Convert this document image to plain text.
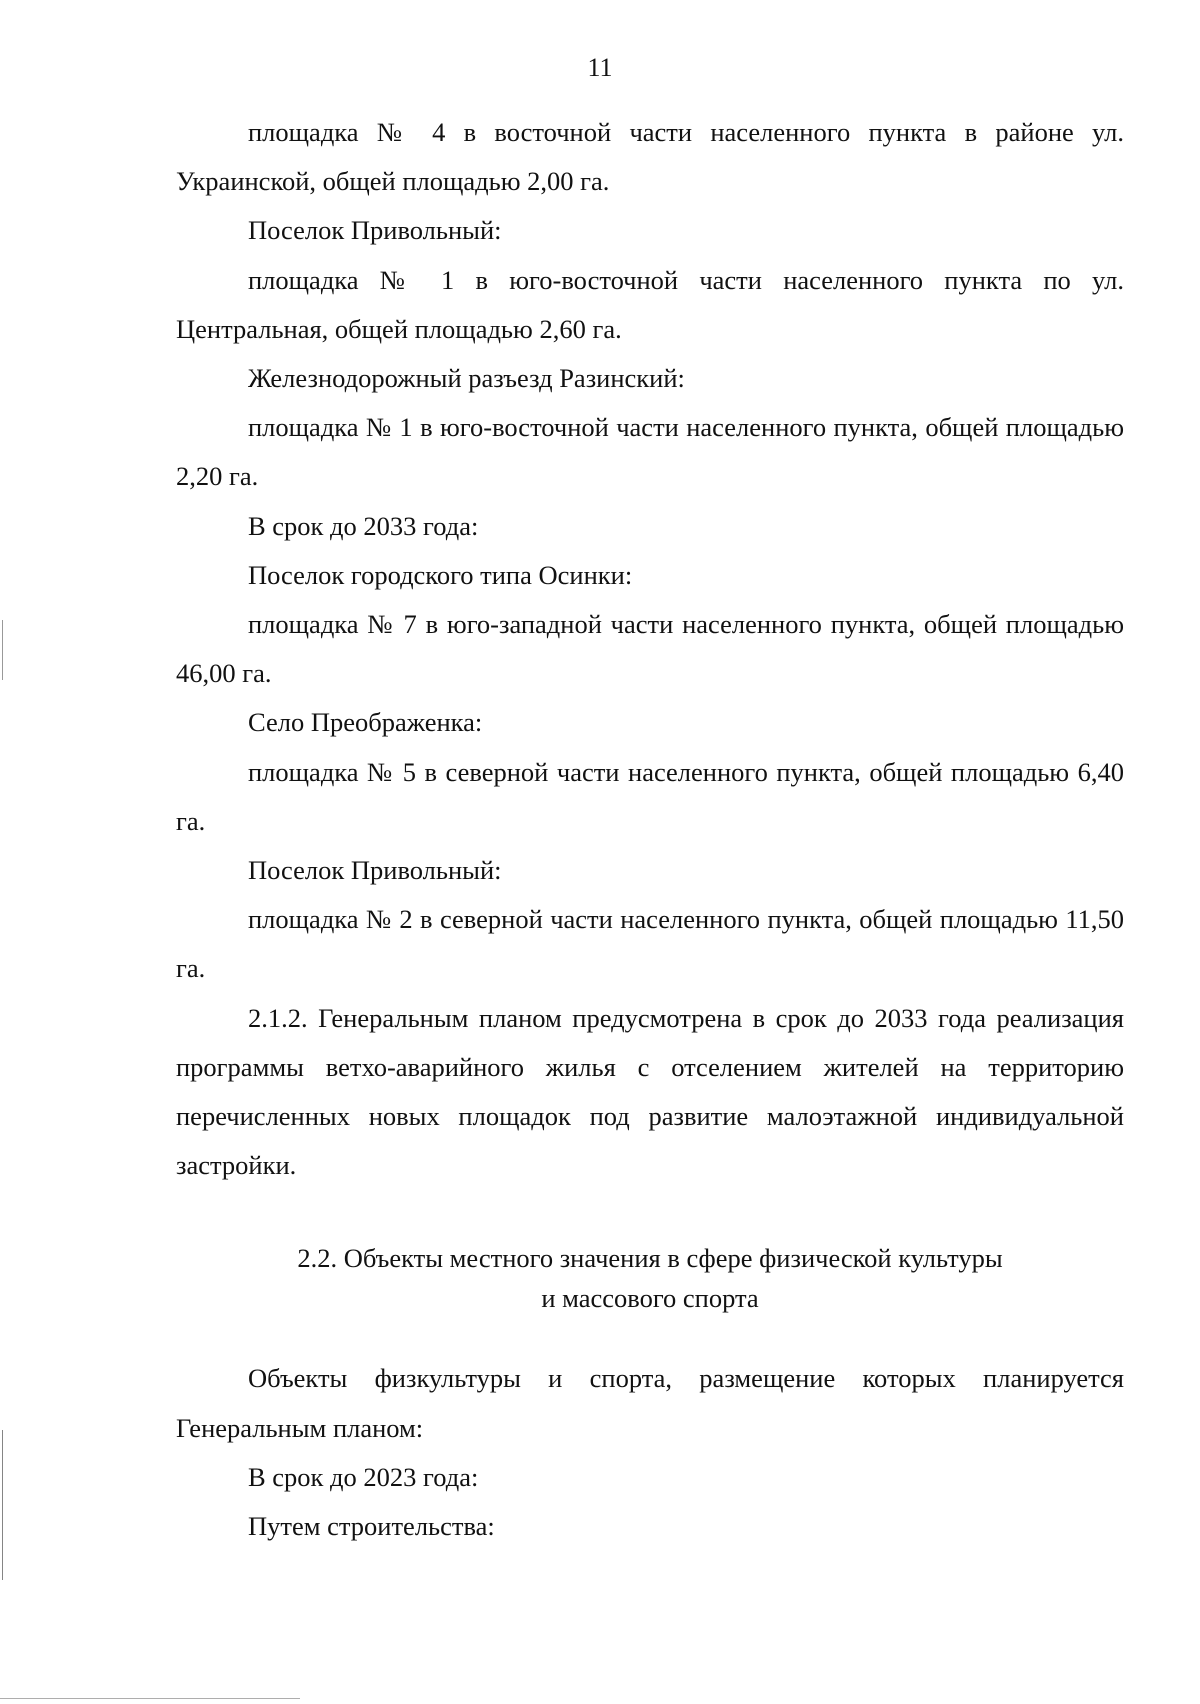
11

площадка № 4 в восточной части населенного пункта в районе ул. Украинской, общей площадью 2,00 га.

Поселок Привольный:

площадка № 1 в юго-восточной части населенного пункта по ул. Центральная, общей площадью 2,60 га.

Железнодорожный разъезд Разинский:

площадка № 1 в юго-восточной части населенного пункта, общей площадью 2,20 га.

В срок до 2033 года:

Поселок городского типа Осинки:

площадка № 7 в юго-западной части населенного пункта, общей площадью 46,00 га.

Село Преображенка:

площадка № 5 в северной части населенного пункта, общей площадью 6,40 га.

Поселок Привольный:

площадка № 2 в северной части населенного пункта, общей площадью 11,50 га.

2.1.2. Генеральным планом предусмотрена в срок до 2033 года реализация программы ветхо-аварийного жилья с отселением жителей на территорию перечисленных новых площадок под развитие малоэтажной индивидуальной застройки.

2.2. Объекты местного значения в сфере физической культуры

и массового спорта

Объекты физкультуры и спорта, размещение которых планируется Генеральным планом:

В срок до 2023 года:

Путем строительства:
